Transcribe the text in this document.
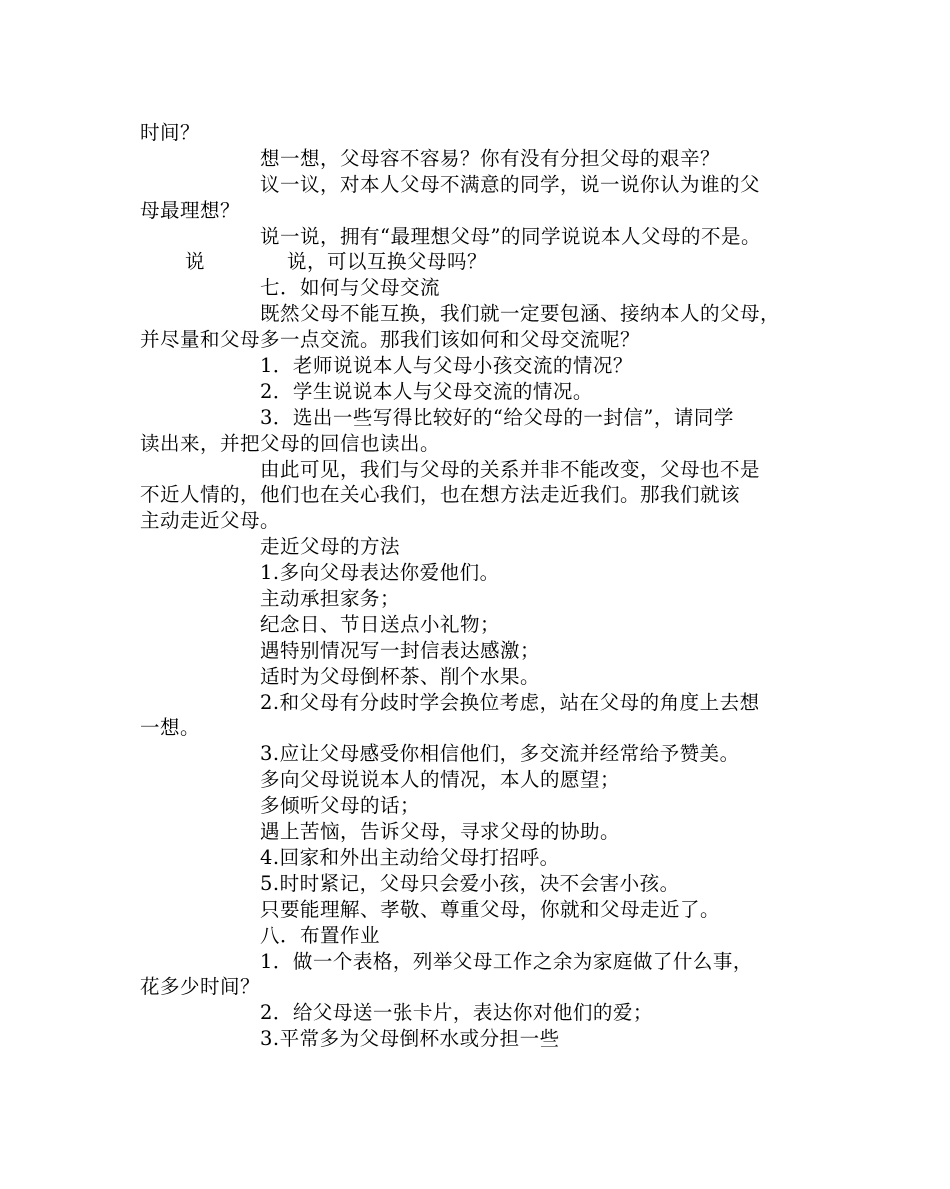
时间？
想一想，父母容不容易？你有没有分担父母的艰辛？
议一议，对本人父母不满意的同学，说一说你认为谁的父
母最理想？
说一说，拥有“最理想父母”的同学说说本人父母的不是。
说	说，可以互换父母吗？
七．如何与父母交流
既然父母不能互换，我们就一定要包涵、接纳本人的父母，
并尽量和父母多一点交流。那我们该如何和父母交流呢？
1．老师说说本人与父母小孩交流的情况？
2．学生说说本人与父母交流的情况。
3．选出一些写得比较好的“给父母的一封信”，请同学
读出来，并把父母的回信也读出。
由此可见，我们与父母的关系并非不能改变，父母也不是
不近人情的，他们也在关心我们，也在想方法走近我们。那我们就该
主动走近父母。
走近父母的方法
1.多向父母表达你爱他们。
主动承担家务；
纪念日、节日送点小礼物；
遇特别情况写一封信表达感激；
适时为父母倒杯茶、削个水果。
2.和父母有分歧时学会换位考虑，站在父母的角度上去想
一想。
3.应让父母感受你相信他们，多交流并经常给予赞美。
多向父母说说本人的情况，本人的愿望；
多倾听父母的话；
遇上苦恼，告诉父母，寻求父母的协助。
4.回家和外出主动给父母打招呼。
5.时时紧记，父母只会爱小孩，决不会害小孩。
只要能理解、孝敬、尊重父母，你就和父母走近了。
八．布置作业
1．做一个表格，列举父母工作之余为家庭做了什么事，
花多少时间？
2．给父母送一张卡片，表达你对他们的爱；
3.平常多为父母倒杯水或分担一些
